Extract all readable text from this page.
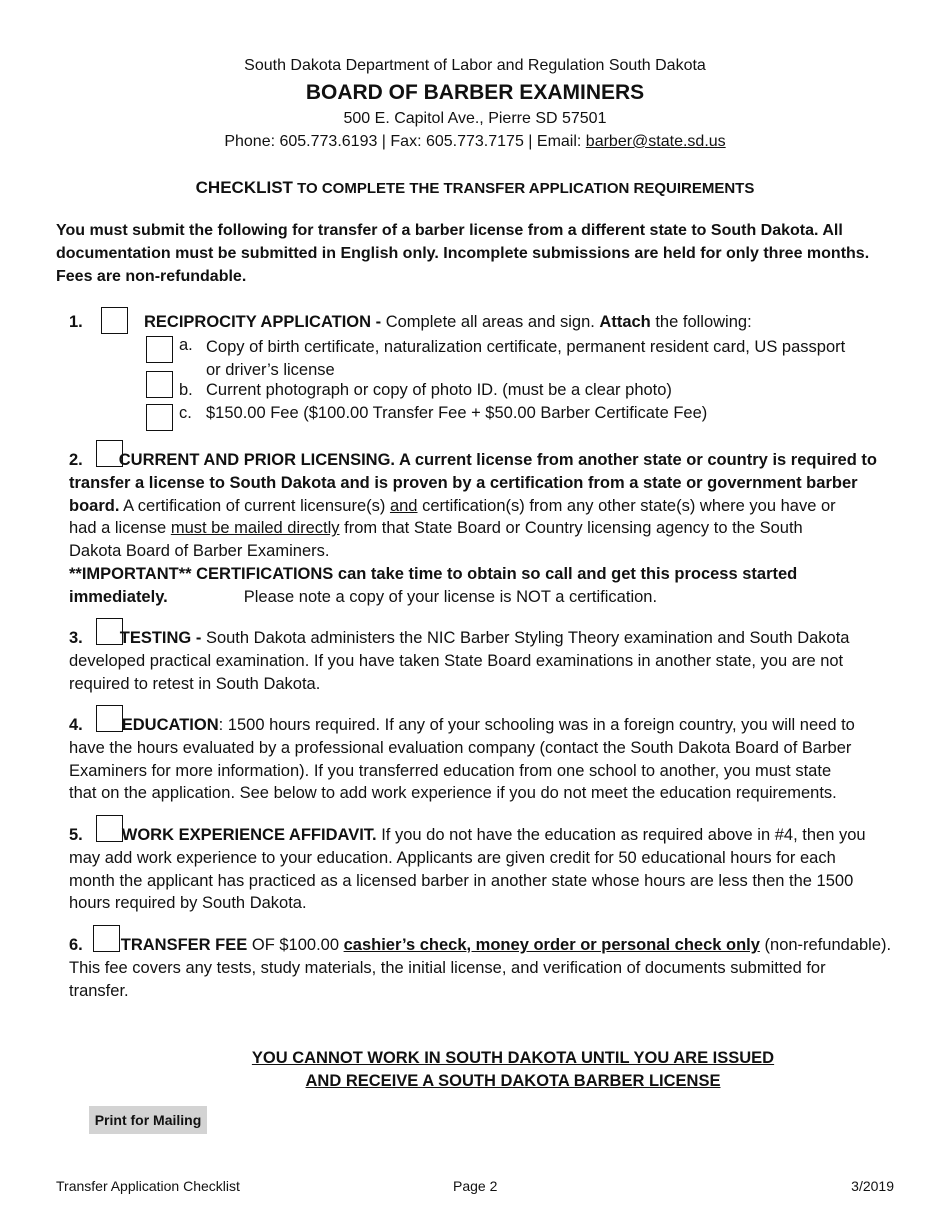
South Dakota Department of Labor and Regulation South Dakota
BOARD OF BARBER EXAMINERS
500 E. Capitol Ave., Pierre SD 57501
Phone: 605.773.6193 | Fax: 605.773.7175 | Email: barber@state.sd.us
CHECKLIST TO COMPLETE THE TRANSFER APPLICATION REQUIREMENTS
You must submit the following for transfer of a barber license from a different state to South Dakota. All
documentation must be submitted in English only. Incomplete submissions are held for only three months.
Fees are non-refundable.
1.	RECIPROCITY APPLICATION - Complete all areas and sign. Attach the following:
a. Copy of birth certificate, naturalization certificate, permanent resident card, US passport
or driver’s license
b. Current photograph or copy of photo ID. (must be a clear photo)
c. $150.00 Fee ($100.00 Transfer Fee + $50.00 Barber Certificate Fee)
2. CURRENT AND PRIOR LICENSING. A current license from another state or country is required to
transfer a license to South Dakota and is proven by a certification from a state or government barber
board. A certification of current licensure(s) and certification(s) from any other state(s) where you have or
had a license must be mailed directly from that State Board or Country licensing agency to the South
Dakota Board of Barber Examiners.
**IMPORTANT** CERTIFICATIONS can take time to obtain so call and get this process started
immediately.	Please note a copy of your license is NOT a certification.
3. TESTING - South Dakota administers the NIC Barber Styling Theory examination and South Dakota
developed practical examination. If you have taken State Board examinations in another state, you are not
required to retest in South Dakota.
4. EDUCATION: 1500 hours required. If any of your schooling was in a foreign country, you will need to
have the hours evaluated by a professional evaluation company (contact the South Dakota Board of Barber
Examiners for more information). If you transferred education from one school to another, you must state
that on the application. See below to add work experience if you do not meet the education requirements.
5. WORK EXPERIENCE AFFIDAVIT. If you do not have the education as required above in #4, then you
may add work experience to your education. Applicants are given credit for 50 educational hours for each
month the applicant has practiced as a licensed barber in another state whose hours are less then the 1500
hours required by South Dakota.
6. TRANSFER FEE OF $100.00 cashier’s check, money order or personal check only (non-refundable).
This fee covers any tests, study materials, the initial license, and verification of documents submitted for
transfer.
YOU CANNOT WORK IN SOUTH DAKOTA UNTIL YOU ARE ISSUED
AND RECEIVE A SOUTH DAKOTA BARBER LICENSE
Print for Mailing
Transfer Application Checklist	Page 2	3/2019
